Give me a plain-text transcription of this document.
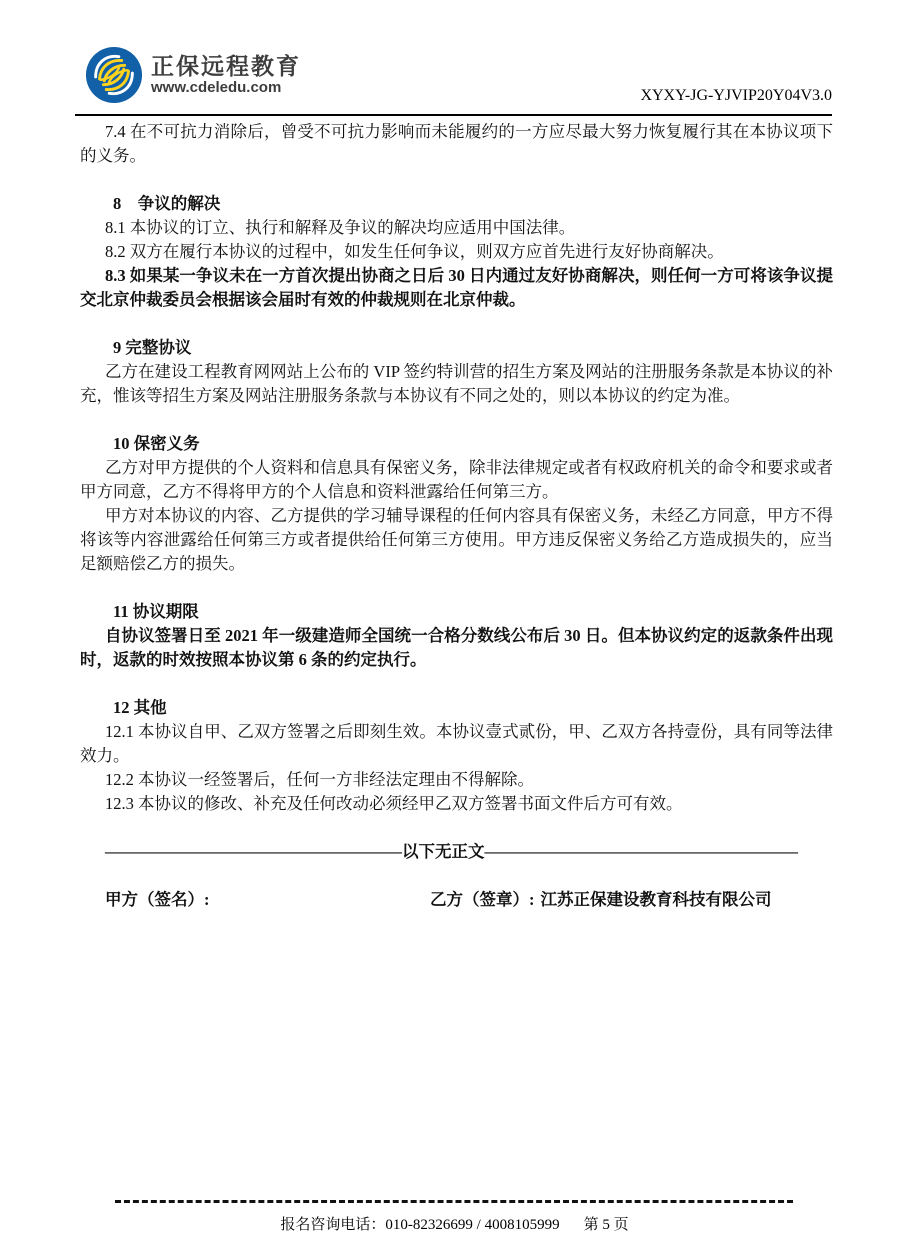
正保远程教育
www.cdeledu.com	XYXY-JG-YJVIP20Y04V3.0

7.4 在不可抗力消除后，曾受不可抗力影响而未能履约的一方应尽最大努力恢复履行其在本协议项下的义务。

8　争议的解决

8.1 本协议的订立、执行和解释及争议的解决均应适用中国法律。

8.2 双方在履行本协议的过程中，如发生任何争议，则双方应首先进行友好协商解决。

8.3 如果某一争议未在一方首次提出协商之日后 30 日内通过友好协商解决，则任何一方可将该争议提交北京仲裁委员会根据该会届时有效的仲裁规则在北京仲裁。

9 完整协议

乙方在建设工程教育网网站上公布的 VIP 签约特训营的招生方案及网站的注册服务条款是本协议的补充，惟该等招生方案及网站注册服务条款与本协议有不同之处的，则以本协议的约定为准。

10 保密义务

乙方对甲方提供的个人资料和信息具有保密义务，除非法律规定或者有权政府机关的命令和要求或者甲方同意，乙方不得将甲方的个人信息和资料泄露给任何第三方。

甲方对本协议的内容、乙方提供的学习辅导课程的任何内容具有保密义务，未经乙方同意，甲方不得将该等内容泄露给任何第三方或者提供给任何第三方使用。甲方违反保密义务给乙方造成损失的，应当足额赔偿乙方的损失。

11 协议期限

自协议签署日至 2021 年一级建造师全国统一合格分数线公布后 30 日。但本协议约定的返款条件出现时，返款的时效按照本协议第 6 条的约定执行。

12 其他

12.1 本协议自甲、乙双方签署之后即刻生效。本协议壹式贰份，甲、乙双方各持壹份，具有同等法律效力。

12.2 本协议一经签署后，任何一方非经法定理由不得解除。

12.3 本协议的修改、补充及任何改动必须经甲乙双方签署书面文件后方可有效。

——————————————————以下无正文———————————————————

甲方（签名）:	乙方（签章）: 江苏正保建设教育科技有限公司
报名咨询电话：010-82326699 / 4008105999 第 5 页
